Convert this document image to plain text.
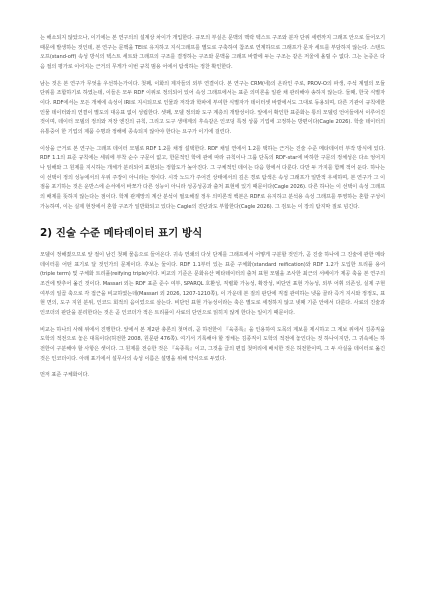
는 해소되지 않았으나, 이기에는 본 연구의의 설계상 차이가 개입한다. 규모의 부실은 문맥의 맥락 텍스트 구조와 분자 단위 세련까지 그래프 안으로 들어오기 때문에 발생하는 것인데, 본 연구는 문맥을 TEI로 유지하고 지식그래프를 별도로 구축하여 참조로 연계하므로 그래프가 문자 세트를 부담하지 않는다. 스탠드오프(stand-off) 속성 방식의 텍스트 세트와 그래프의 구조를 결정하는 구조와 문맥을 그래프 바깥에 두는 구조는 같은 저울에 올릴 수 없다. 그는 논증은 다음 절의 평가로 이어지는 근거의 무게가 이번 규칙 범용 어에서 탐색하는 정찬 확인한다.

남는 것은 본 연구가 무엇을 우선하는가이다. 첫째, 이화의 제자들의 외부 연결이다. 본 연구는 CRM(네)의 온라인 주로, PROV-O의 파생, 주석 계열의 모듈 단위를 조합하기로 하였는데, 이들은 모두 RDF 이위로 정의되어 있어 속성 그래프에서는 표준 의미론을 일관 채 관리해야 송하지 않는다. 둘째, 한국 식별자이다. RDF에서는 모든 개체에 속성이 IRI로 지시되므로 인물과 저작과 학파에 부여한 식별자가 데이터셋 바깥에서도 그대로 동용되며, 다른 기관이 규칙에한 인물 데이터와의 연결이 별도의 대응표 없이 성립한다. 셋째, 모델 정의와 도구 계층의 개발성이다. 앞에서 확인한 표준화는 통의 모델링 언어들에서 이루어진 것이며, 데이터 모델의 정의와 저장 엔진의 규칙, 그리고 도구 생태계의 후속같은 인코딩 특정 상품 기업에 고정하는 방편이다(Cagle 2026). 학술 데이터의 유통중이 한 기업의 제품 수명과 정해에 종속되지 않아야 한다는 요구가 이기에 걸린다.

이상을 근거로 본 연구는 그래프 데이터 모델로 RDF 1.2를 채정 설택한다. RDF 채일 연에서 1.2를 택하는 근거는 진술 수준 메타데이터 부작 방식에 있다. RDF 1.1의 표준 규칙에는 세워에 부착 순수 구문이 없고, 한문적인 학에 관에 따라 규칙이나 그룹 단독의 RDF-star에 바하한 구문의 정체성은 다소 엉어지나 임해와 그 원제를 지시하는 개체가 분리되어 표현되는 정합도가 높아진다. 그 구체적인 데이는 다음 항에서 다룬다. 다만 두 가지를 함께 적어 둔다. 하나는 이 선택이 정의 성능에서의 우위 주장이 아니라는 정이다. 시작 노드가 주어진 상태에서의 깊은 경로 탐색은 속성 그래프가 일반적 우세하며, 본 연구가 그 이점을 포기하는 것은 운반스에 순서에서 바쪼가 다른 성능이 아니라 성공성공과 출처 표현에 있기 때문이다(Cagle 2026). 다른 하나는 이 선택이 속성 그래프의 배제를 뜻하지 않는다는 점이다. 학계 관계망의 계산 분석이 필요해질 정우 의미론적 백본은 RDF로 유지하고 분석용 속성 그래프를 투영하는 혼합 구성이 가능하며, 이는 실제 현장에서 혼합 구조가 일반화되고 있다는 Cagle의 진단과도 부합한다(Cagle 2026). 그 검토는 이 장의 탐지막 질로 넘긴다.

2) 진술 수준 메타데이터 표기 방식

모델이 정해졌으므로 앞 절이 남긴 첫째 물음으로 들어온다. 귀속 연쇄의 다섯 단계를 그래프에서 어떻게 구분할 것인가, 곧 진술 하나에 그 진술에 관한 메타데이터를 어떤 표기로 달 것인가의 문제이다. 후보는 둘이다. RDF 1.1부터 있는 표준 구체화(standard reification)와 RDF 1.2가 도입한 트리플 용어(triple term) 및 구체화 트리플(reifying triple)이다. 비교의 기준은 문화유산 메타데이터의 출처 표현 모델을 조사한 최근의 서베이가 제공 축을 본 연구의 조건에 맞추어 옮긴 것이다. Massari 외는 RDF 표준 준수 여부, SPARQL 호환성, 직렬화 가능성, 확장성, 비단언 표현 가능성, 외부 어휘 의존성, 실제 구현 여부의 일곱 축으로 각 접근을 비교하였는데(Massari 외 2026, 1207-1210쪽), 이 가운데 본 질의 판단에 직접 관여하는 넷을 골라 즉거 지시와 정정도, 표현 면의, 도구 지원 분위, 인코드 회적의 음이었으로 삼는다. 비단언 표현 가능성이라는 축은 별도로 세정하지 않고 넷째 기준 안에서 다룬다. 사료의 진술과 인코더의 판단을 분리한다는 것은 곧 인코더가 적은 트리플이 사료의 단언으로 읽히지 않게 한다는 일이기 때문이다.

비교는 하나의 사례 위에서 진행한다. 앞에서 본 제2판 총론의 첫머리, 곧 하전한이 『육종록』을 인용하여 도목의 계보를 제시하고 그 계보 위에서 김종직을 도학의 적전으로 놓은 대목이다(허전한 2008, 원문판 476쪽). 여기서 기록해야 할 정체는 김종직이 도학의 적전에 놓인다는 것 하나이지만, 그 귀속에는 하전한이 구분해야 할 사항은 셋이다. 그 원제를 전승한 것은 『육종록』이고, 그것을 글의 편집 첫머리에 배치한 것은 허전한이며, 그 두 사실을 데이터로 옮긴 것은 인코더이다. 아래 표기에서 설무사의 속성 이름은 설명을 위해 약식으로 두었다.

먼저 표준 구체화이다.
